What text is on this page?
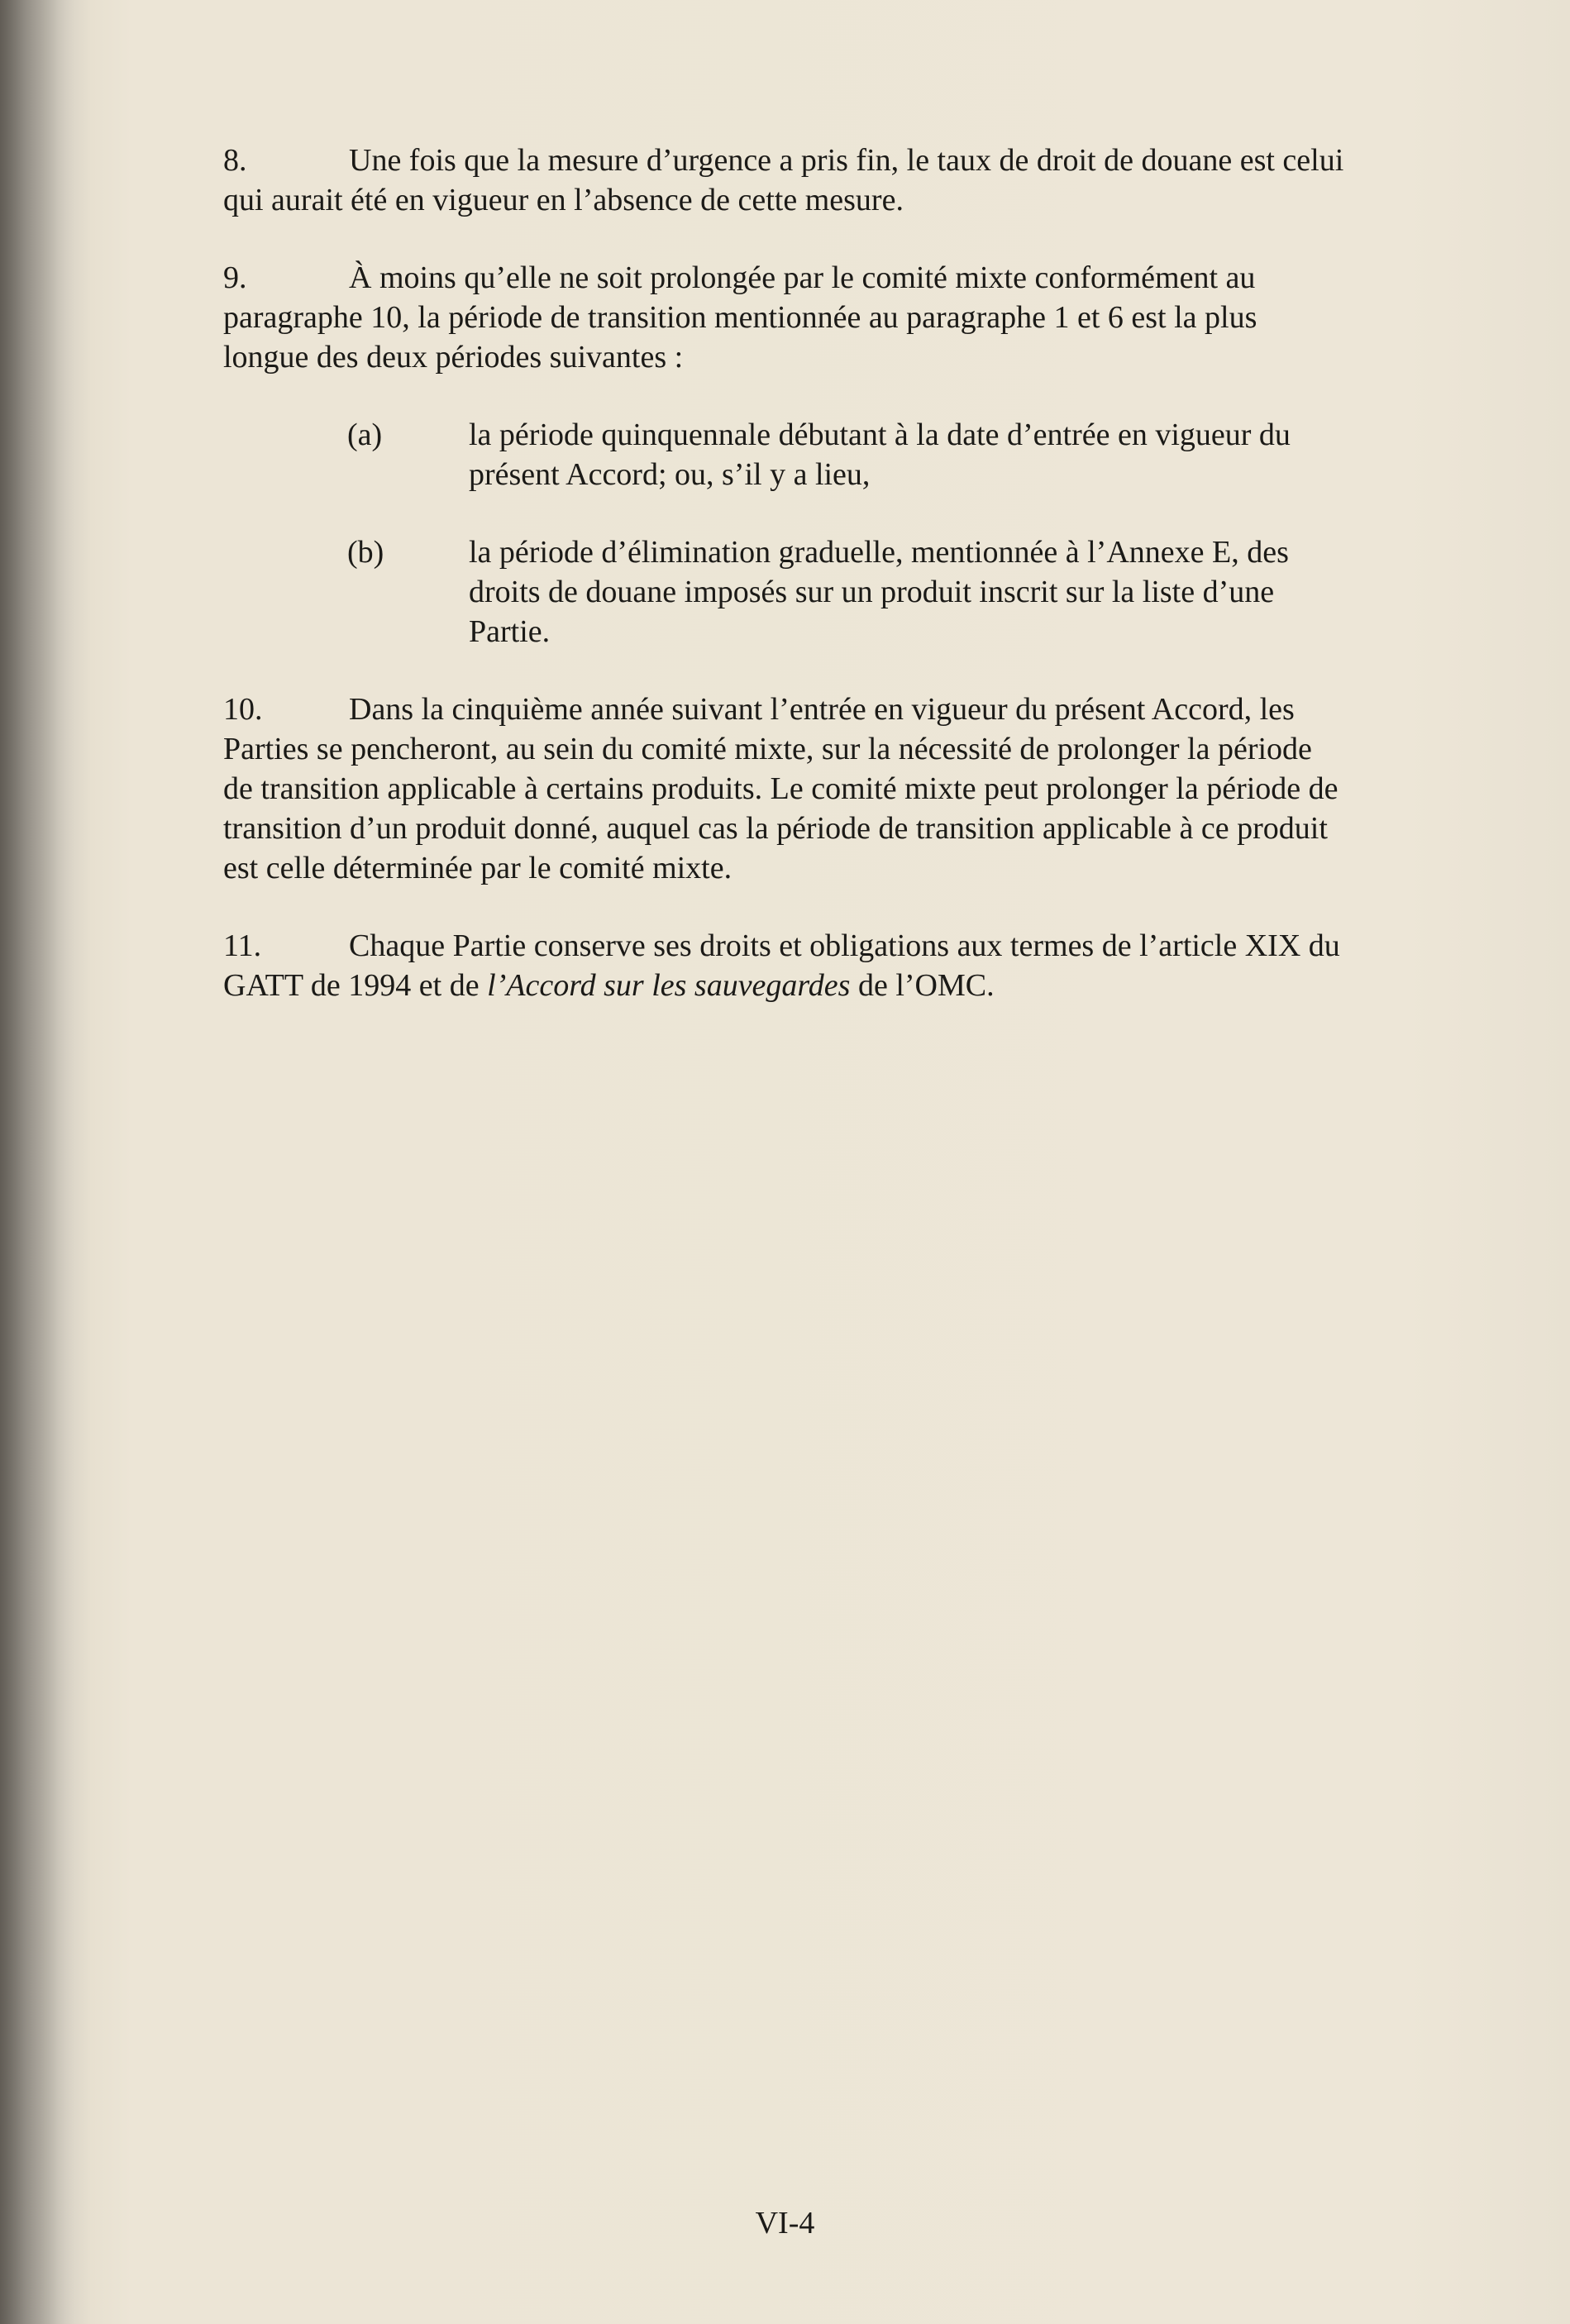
8.	Une fois que la mesure d’urgence a pris fin, le taux de droit de douane est celui qui aurait été en vigueur en l’absence de cette mesure.

9.	À moins qu’elle ne soit prolongée par le comité mixte conformément au paragraphe 10, la période de transition mentionnée au paragraphe 1 et 6 est la plus longue des deux périodes suivantes :

(a)	la période quinquennale débutant à la date d’entrée en vigueur du présent Accord; ou, s’il y a lieu,

(b)	la période d’élimination graduelle, mentionnée à l’Annexe E, des droits de douane imposés sur un produit inscrit sur la liste d’une Partie.

10.	Dans la cinquième année suivant l’entrée en vigueur du présent Accord, les Parties se pencheront, au sein du comité mixte, sur la nécessité de prolonger la période de transition applicable à certains produits. Le comité mixte peut prolonger la période de transition d’un produit donné, auquel cas la période de transition applicable à ce produit est celle déterminée par le comité mixte.

11.	Chaque Partie conserve ses droits et obligations aux termes de l’article XIX du GATT de 1994 et de l’Accord sur les sauvegardes de l’OMC.

VI-4
